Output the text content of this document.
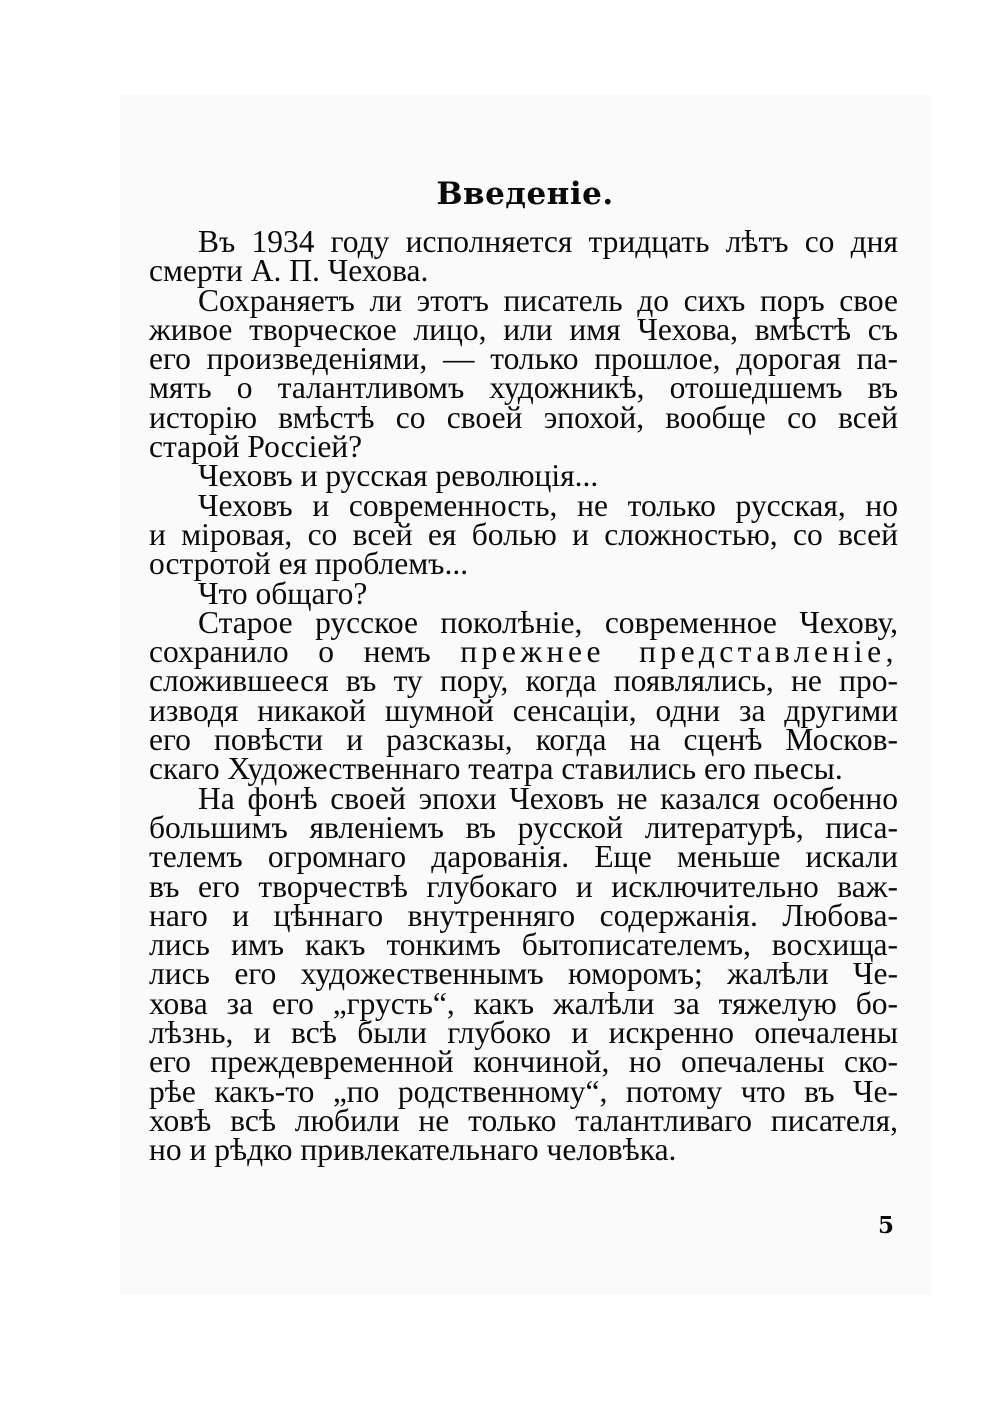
Введеніе.
Въ 1934 году исполняется тридцать лѣтъ со дня
смерти А. П. Чехова.
Сохраняетъ ли этотъ писатель до сихъ поръ свое
живое творческое лицо, или имя Чехова, вмѣстѣ съ
его произведеніями, — только прошлое, дорогая па-
мять о талантливомъ художникѣ, отошедшемъ въ
исторію вмѣстѣ со своей эпохой, вообще со всей
старой Россіей?
Чеховъ и русская революція...
Чеховъ и современность, не только русская, но
и міровая, со всей ея болью и сложностью, со всей
остротой ея проблемъ...
Что общаго?
Старое русское поколѣніе, современное Чехову,
сохранило о немъ прежнее представленіе,
сложившееся въ ту пору, когда появлялись, не про-
изводя никакой шумной сенсаціи, одни за другими
его повѣсти и разсказы, когда на сценѣ Москов-
скаго Художественнаго театра ставились его пьесы.
На фонѣ своей эпохи Чеховъ не казался особенно
большимъ явленіемъ въ русской литературѣ, писа-
телемъ огромнаго дарованія. Еще меньше искали
въ его творчествѣ глубокаго и исключительно важ-
наго и цѣннаго внутренняго содержанія. Любова-
лись имъ какъ тонкимъ бытописателемъ, восхища-
лись его художественнымъ юморомъ; жалѣли Че-
хова за его „грусть“, какъ жалѣли за тяжелую бо-
лѣзнь, и всѣ были глубоко и искренно опечалены
его преждевременной кончиной, но опечалены ско-
рѣе какъ-то „по родственному“, потому что въ Че-
ховѣ всѣ любили не только талантливаго писателя,
но и рѣдко привлекательнаго человѣка.
5
